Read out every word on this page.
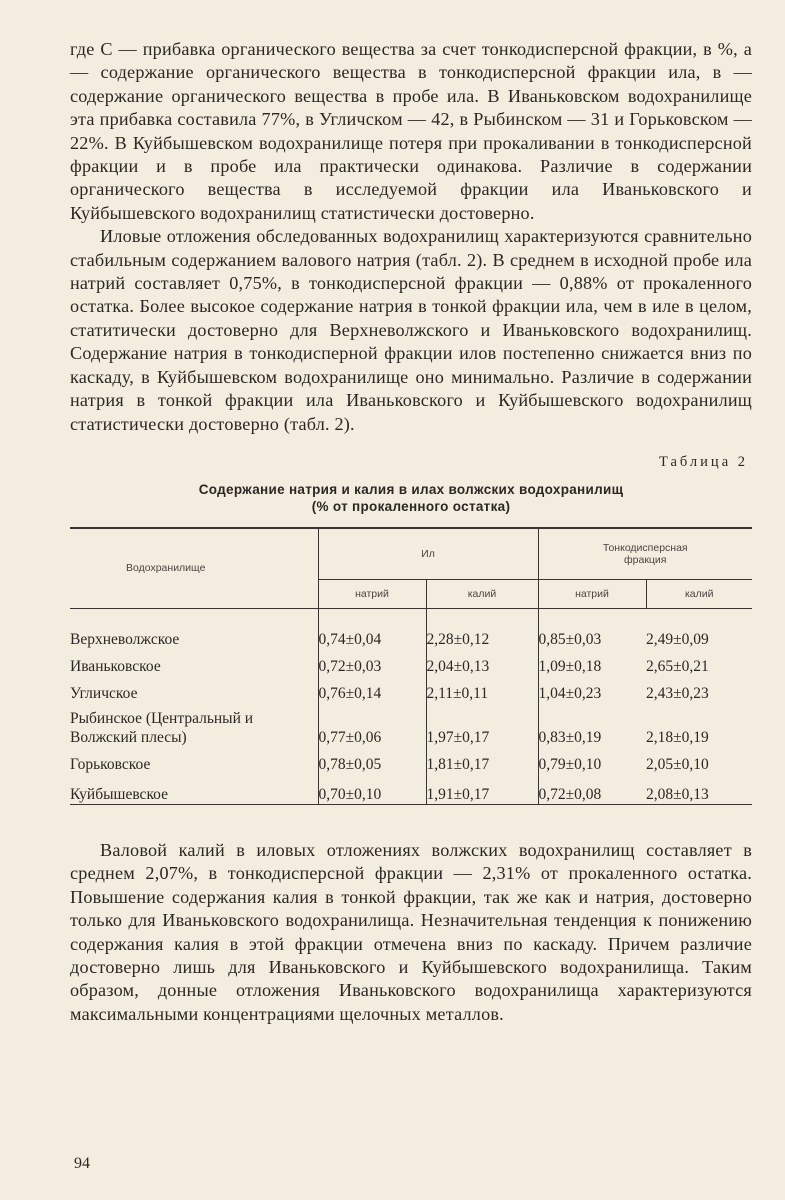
где С — прибавка органического вещества за счет тонкодисперсной фракции, в %, а — содержание органического вещества в тонкодисперсной фракции ила, в — содержание органического вещества в пробе ила. В Иваньковском водохранилище эта прибавка составила 77%, в Угличском — 42, в Рыбинском — 31 и Горьковском — 22%. В Куйбышевском водохранилище потеря при прокаливании в тонкодисперсной фракции и в пробе ила практически одинакова. Различие в содержании органического вещества в исследуемой фракции ила Иваньковского и Куйбышевского водохранилищ статистически достоверно.

Иловые отложения обследованных водохранилищ характеризуются сравнительно стабильным содержанием валового натрия (табл. 2). В среднем в исходной пробе ила натрий составляет 0,75%, в тонкодисперсной фракции — 0,88% от прокаленного остатка. Более высокое содержание натрия в тонкой фракции ила, чем в иле в целом, статитически достоверно для Верхневолжского и Иваньковского водохранилищ. Содержание натрия в тонкодисперной фракции илов постепенно снижается вниз по каскаду, в Куйбышевском водохранилище оно минимально. Различие в содержании натрия в тонкой фракции ила Иваньковского и Куйбышевского водохранилищ статистически достоверно (табл. 2).

Таблица 2
Содержание натрия и калия в илах волжских водохранилищ
(% от прокаленного остатка)
Водохранилище	Ил		Тонкодисперсная
фракция	

	натрий	калий	натрий	калий
Верхневолжское	0,74±0,04	2,28±0,12	0,85±0,03	2,49±0,09
Иваньковское	0,72±0,03	2,04±0,13	1,09±0,18	2,65±0,21
Угличское	0,76±0,14	2,11±0,11	1,04±0,23	2,43±0,23

Рыбинское (Центральный и
Волжский плесы)	0,77±0,06	1,97±0,17	0,83±0,19	2,18±0,19
Горьковское	0,78±0,05	1,81±0,17	0,79±0,10	2,05±0,10
Куйбышевское	0,70±0,10	1,91±0,17	0,72±0,08	2,08±0,13

Валовой калий в иловых отложениях волжских водохранилищ составляет в среднем 2,07%, в тонкодисперсной фракции — 2,31% от прокаленного остатка. Повышение содержания калия в тонкой фракции, так же как и натрия, достоверно только для Иваньковского водохранилища. Незначительная тенденция к понижению содержания калия в этой фракции отмечена вниз по каскаду. Причем различие достоверно лишь для Иваньковского и Куйбышевского водохранилища. Таким образом, донные отложения Иваньковского водохранилища характеризуются максимальными концентрациями щелочных металлов.

94
